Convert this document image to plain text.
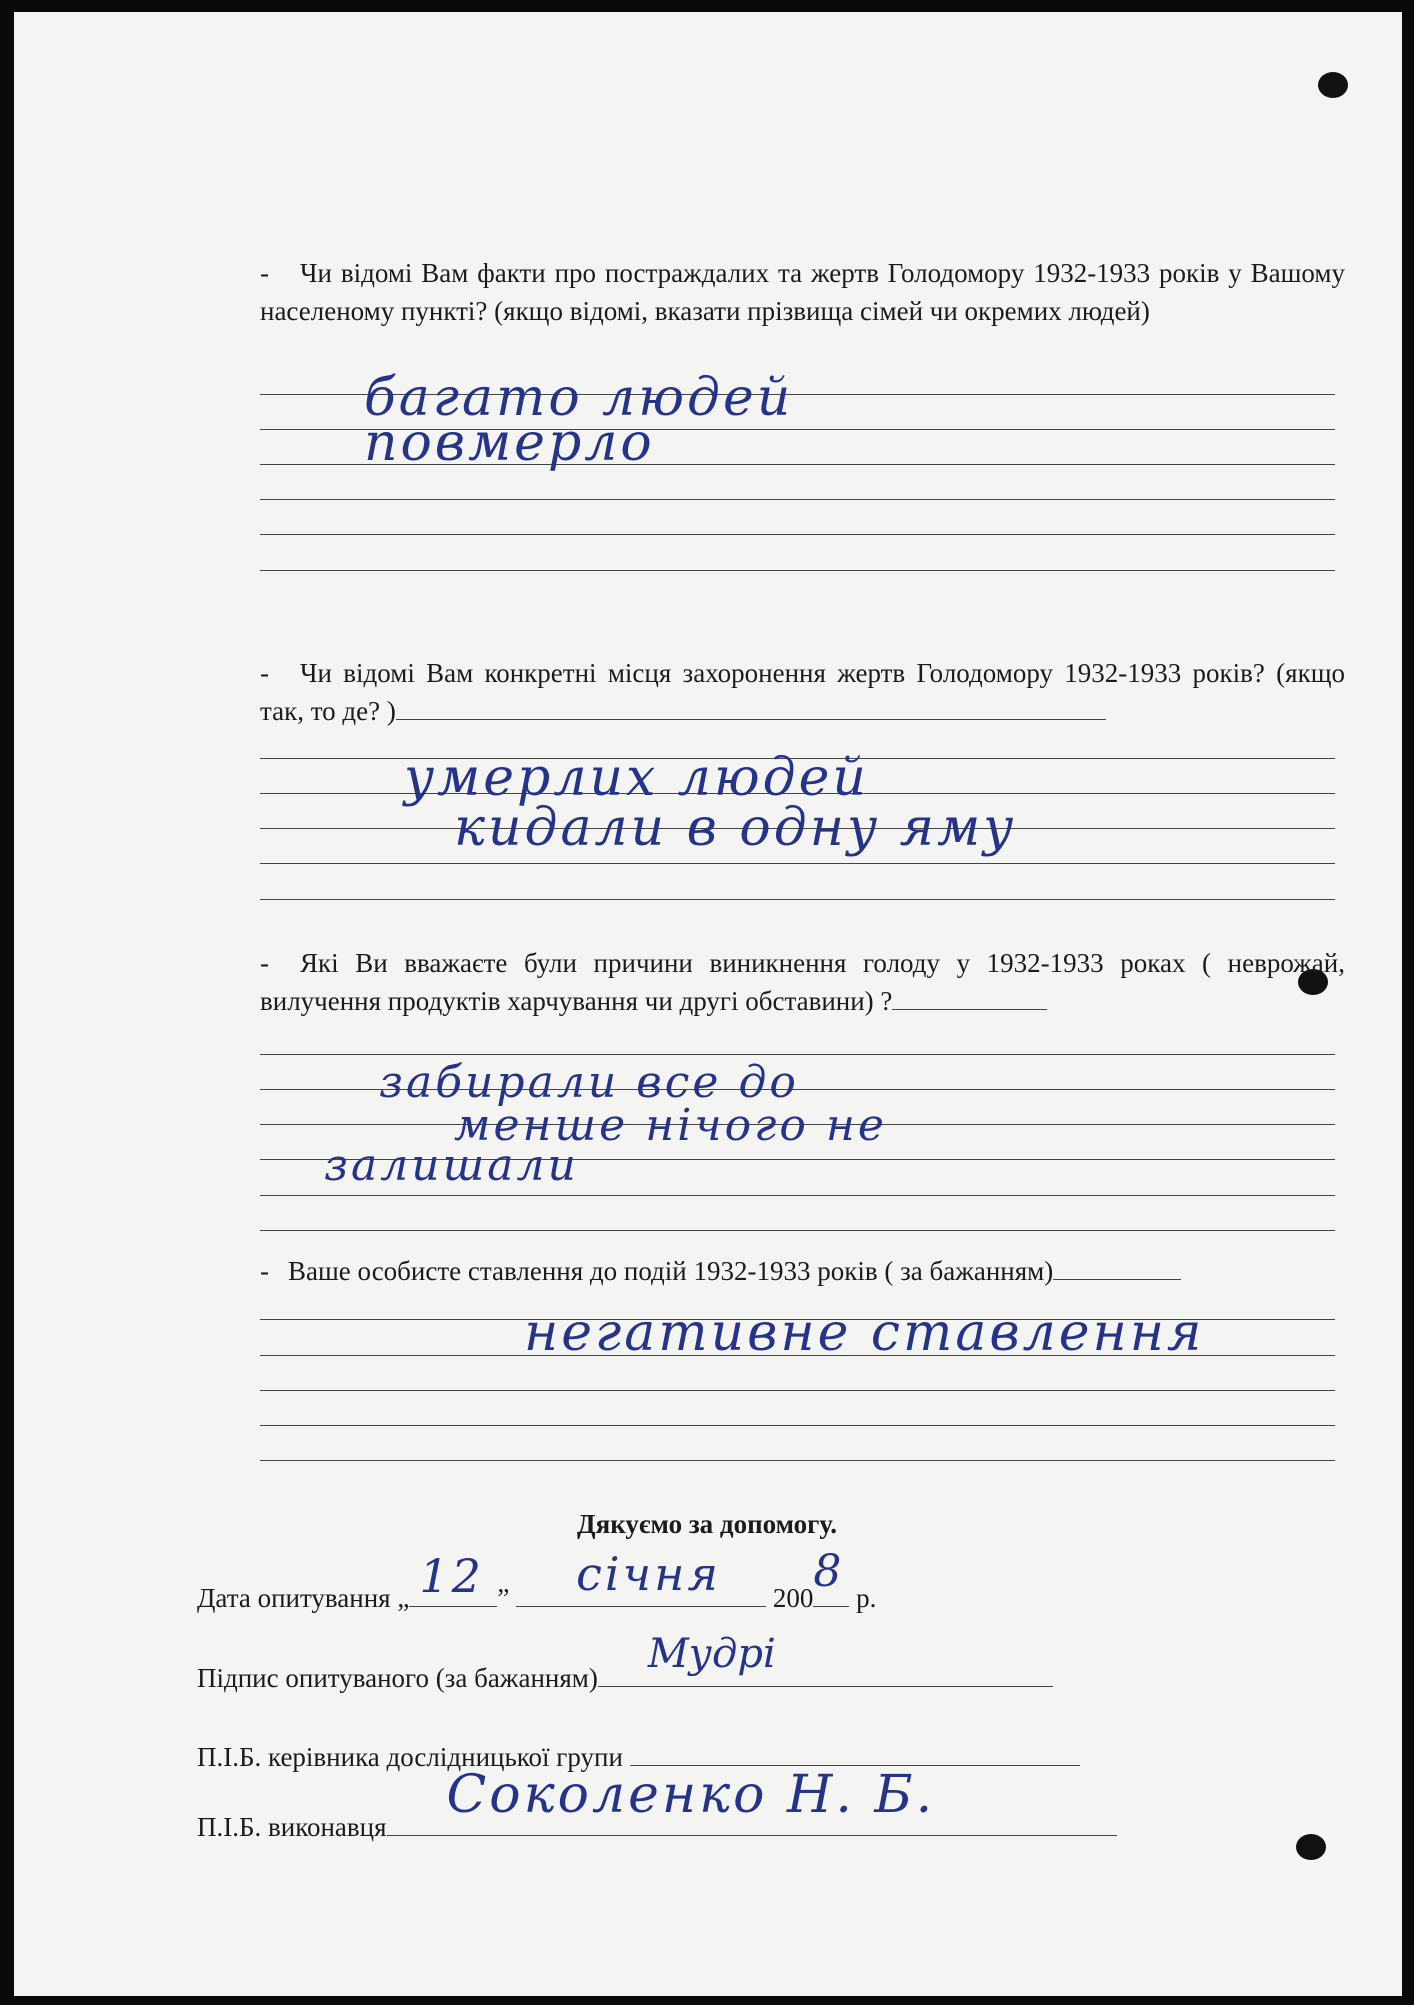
- Чи відомі Вам факти про постраждалих та жертв Голодомору 1932-1933 років у Вашому населеному пункті? (якщо відомі, вказати прізвища сімей чи окремих людей)
багато людей
повмерло
- Чи відомі Вам конкретні місця захоронення жертв Голодомору 1932-1933 років? (якщо так, то де? )
умерлих людей
кидали в одну яму
- Які Ви вважаєте були причини виникнення голоду у 1932-1933 роках ( неврожай, вилучення продуктів харчування чи другі обставини) ?
забирали все до
менше нічого не
залишали
- Ваше особисте ставлення до подій 1932-1933 років ( за бажанням)
негативне ставлення
Дякуємо за допомогу.
Дата опитування „ 12 ” січня 200
8
р.
Підпис опитуваного (за бажанням)
Мудрі
П.І.Б. керівника дослідницької групи
П.І.Б. виконавця
Соколенко Н. Б.
